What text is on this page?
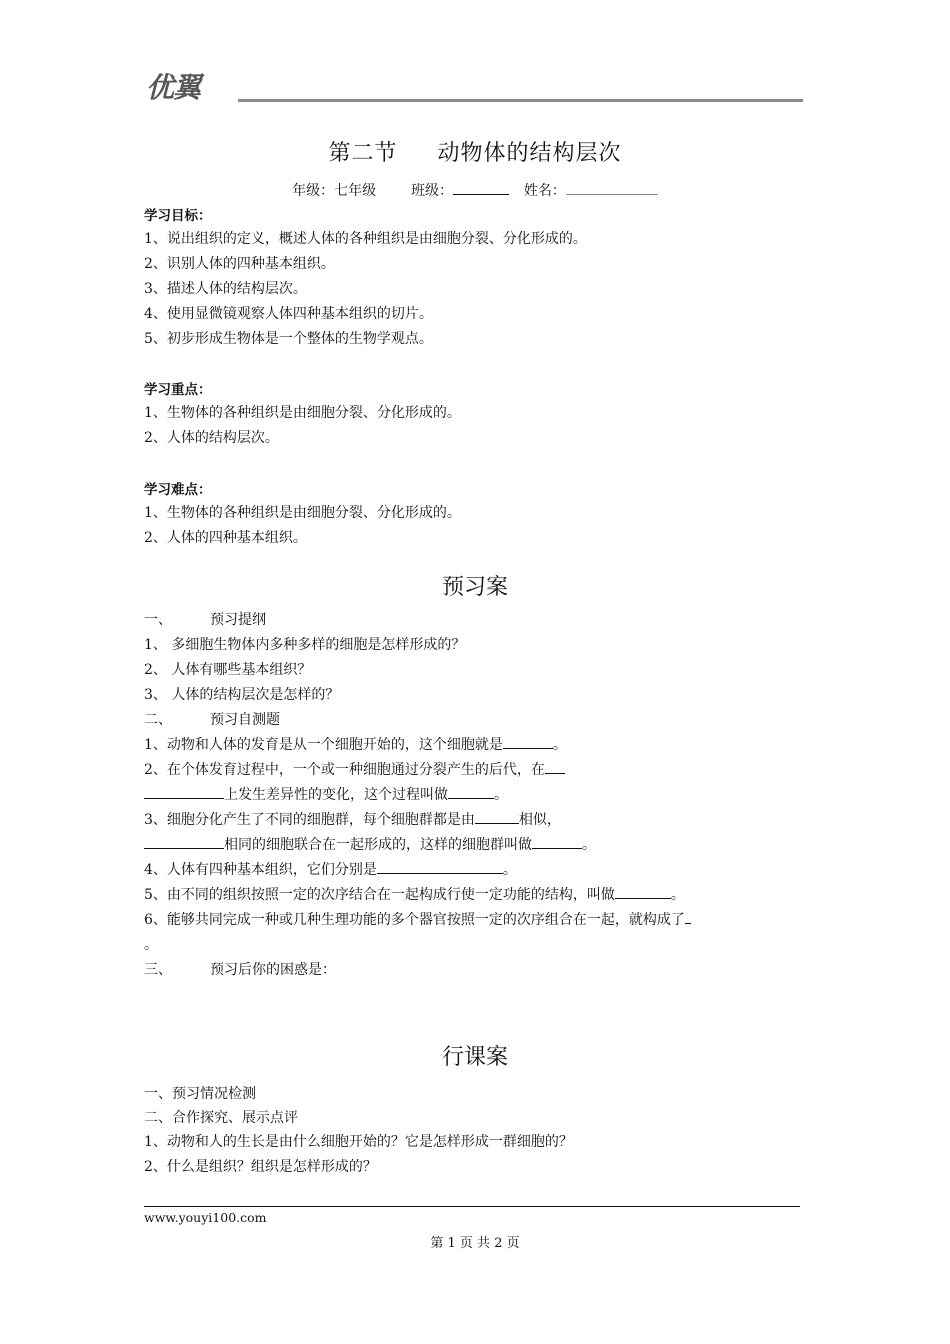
优翼
第二节 动物体的结构层次
年级：七年级 班级：	姓名：
学习目标：
1、说出组织的定义，概述人体的各种组织是由细胞分裂、分化形成的。
2、识别人体的四种基本组织。
3、描述人体的结构层次。
4、使用显微镜观察人体四种基本组织的切片。
5、初步形成生物体是一个整体的生物学观点。
学习重点：
1、生物体的各种组织是由细胞分裂、分化形成的。
2、人体的结构层次。
学习难点：
1、生物体的各种组织是由细胞分裂、分化形成的。
2、人体的四种基本组织。
预习案
一、	预习提纲
1、 多细胞生物体内多种多样的细胞是怎样形成的？
2、 人体有哪些基本组织？
3、 人体的结构层次是怎样的？
二、	预习自测题
1、动物和人体的发育是从一个细胞开始的，这个细胞就是	。
2、在个体发育过程中，一个或一种细胞通过分裂产生的后代，在
上发生差异性的变化，这个过程叫做	。
3、细胞分化产生了不同的细胞群，每个细胞群都是由	相似，
相同的细胞联合在一起形成的，这样的细胞群叫做	。
4、人体有四种基本组织，它们分别是	。
5、由不同的组织按照一定的次序结合在一起构成行使一定功能的结构，叫做	。
6、能够共同完成一种或几种生理功能的多个器官按照一定的次序组合在一起，就构成了
。
三、	预习后你的困惑是：
行课案
一、预习情况检测
二、合作探究、展示点评
1、动物和人的生长是由什么细胞开始的？它是怎样形成一群细胞的？
2、什么是组织？组织是怎样形成的？
www.youyi100.com
第 1 页 共 2 页
